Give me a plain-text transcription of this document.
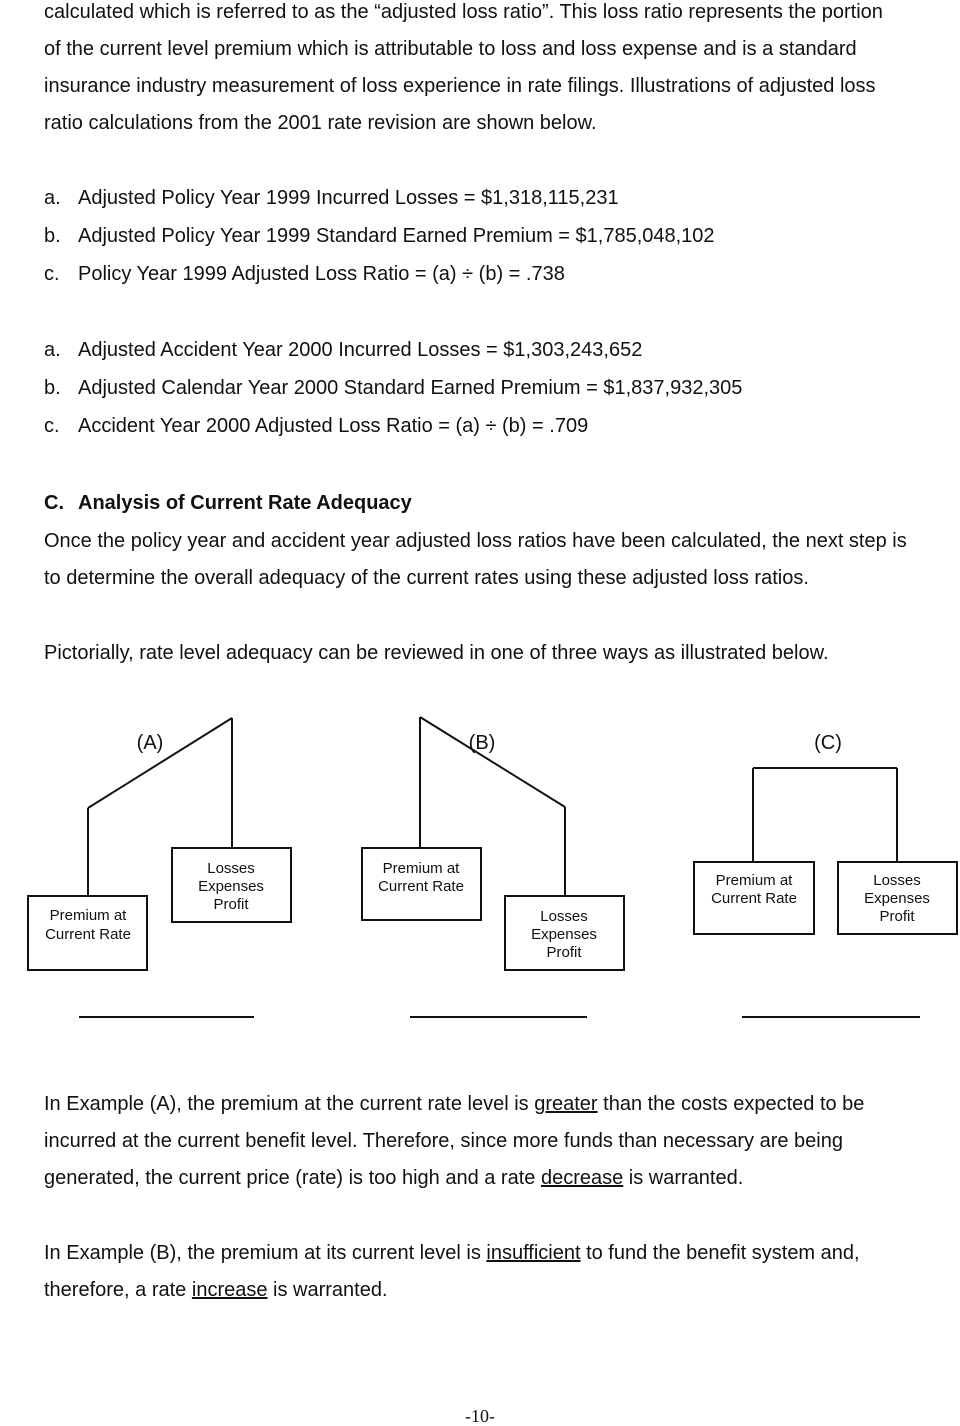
calculated which is referred to as the “adjusted loss ratio”. This loss ratio represents the portion
of the current level premium which is attributable to loss and loss expense and is a standard
insurance industry measurement of loss experience in rate filings. Illustrations of adjusted loss
ratio calculations from the 2001 rate revision are shown below.
a. Adjusted Policy Year 1999 Incurred Losses = $1,318,115,231
b. Adjusted Policy Year 1999 Standard Earned Premium = $1,785,048,102
c. Policy Year 1999 Adjusted Loss Ratio = (a) ÷ (b) = .738
a. Adjusted Accident Year 2000 Incurred Losses = $1,303,243,652
b. Adjusted Calendar Year 2000 Standard Earned Premium = $1,837,932,305
c. Accident Year 2000 Adjusted Loss Ratio = (a) ÷ (b) = .709
C. Analysis of Current Rate Adequacy
Once the policy year and accident year adjusted loss ratios have been calculated, the next step is
to determine the overall adequacy of the current rates using these adjusted loss ratios.
Pictorially, rate level adequacy can be reviewed in one of three ways as illustrated below.
(A)	(B)	(C)
Premium at
Current Rate
Losses
Expenses
Profit
Premium at
Current Rate
Losses
Expenses
Profit
Premium at
Current Rate
Losses
Expenses
Profit
In Example (A), the premium at the current rate level is greater than the costs expected to be
incurred at the current benefit level. Therefore, since more funds than necessary are being
generated, the current price (rate) is too high and a rate decrease is warranted.
In Example (B), the premium at its current level is insufficient to fund the benefit system and,
therefore, a rate increase is warranted.
-10-
